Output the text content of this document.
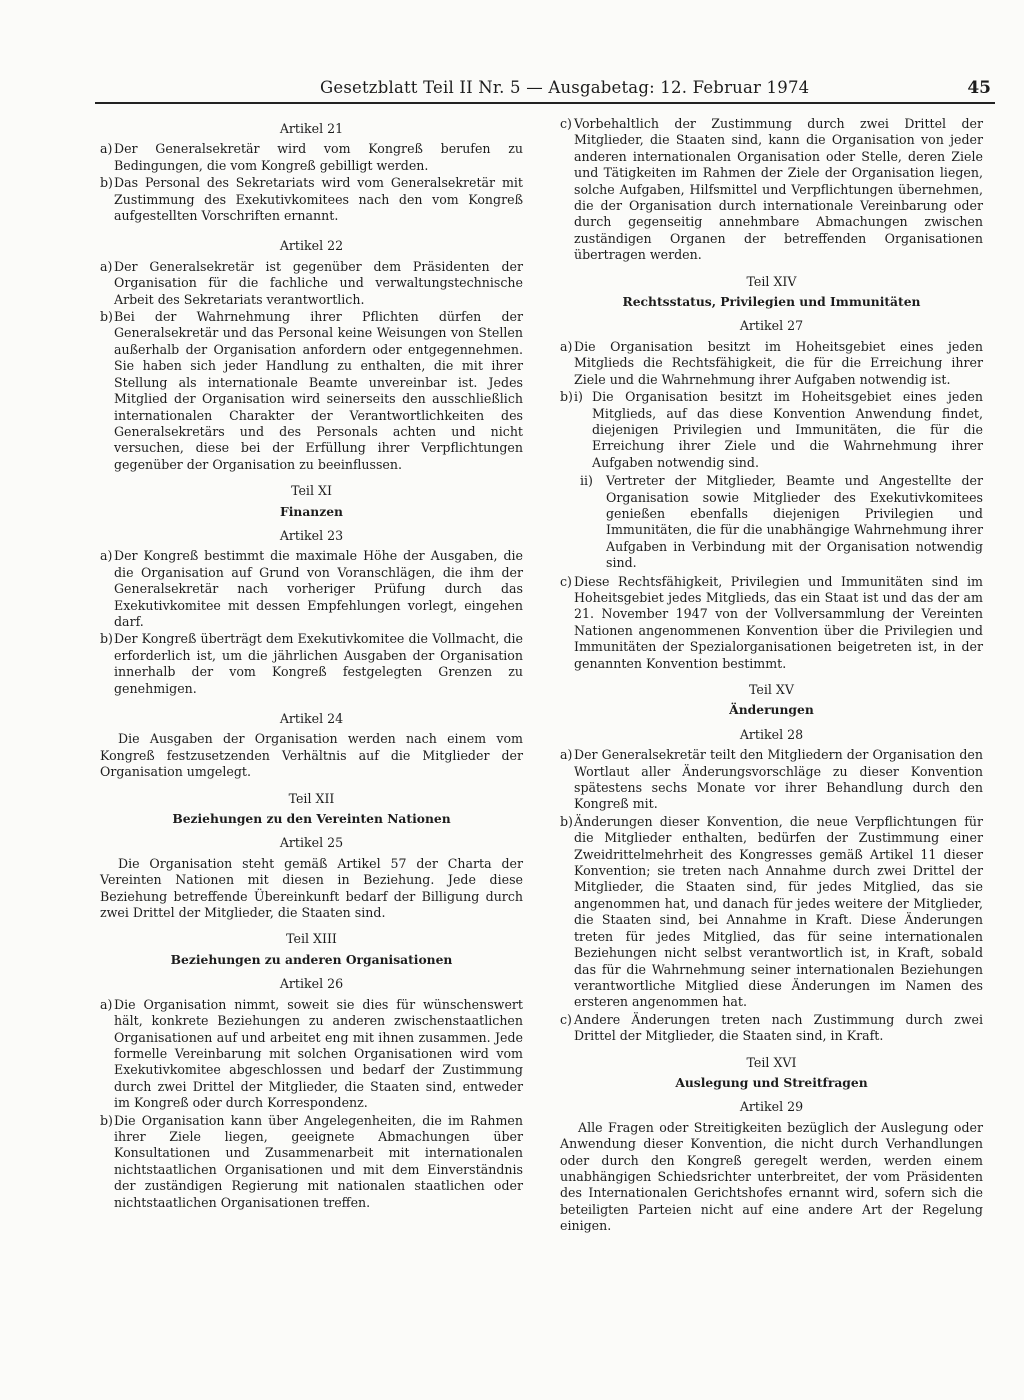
Gesetzblatt Teil II Nr. 5 — Ausgabetag: 12. Februar 1974	45
Artikel 21
a) Der Generalsekretär wird vom Kongreß berufen zu Bedingungen, die vom Kongreß gebilligt werden.
b) Das Personal des Sekretariats wird vom Generalsekretär mit Zustimmung des Exekutivkomitees nach den vom Kongreß aufgestellten Vorschriften ernannt.
Artikel 22
a) Der Generalsekretär ist gegenüber dem Präsidenten der Organisation für die fachliche und verwaltungstechnische Arbeit des Sekretariats verantwortlich.
b) Bei der Wahrnehmung ihrer Pflichten dürfen der Generalsekretär und das Personal keine Weisungen von Stellen außerhalb der Organisation anfordern oder entgegennehmen. Sie haben sich jeder Handlung zu enthalten, die mit ihrer Stellung als internationale Beamte unvereinbar ist. Jedes Mitglied der Organisation wird seinerseits den ausschließlich internationalen Charakter der Verantwortlichkeiten des Generalsekretärs und des Personals achten und nicht versuchen, diese bei der Erfüllung ihrer Verpflichtungen gegenüber der Organisation zu beeinflussen.
Teil XI
Finanzen
Artikel 23
a) Der Kongreß bestimmt die maximale Höhe der Ausgaben, die die Organisation auf Grund von Voranschlägen, die ihm der Generalsekretär nach vorheriger Prüfung durch das Exekutivkomitee mit dessen Empfehlungen vorlegt, eingehen darf.
b) Der Kongreß überträgt dem Exekutivkomitee die Vollmacht, die erforderlich ist, um die jährlichen Ausgaben der Organisation innerhalb der vom Kongreß festgelegten Grenzen zu genehmigen.
Artikel 24
Die Ausgaben der Organisation werden nach einem vom Kongreß festzusetzenden Verhältnis auf die Mitglieder der Organisation umgelegt.
Teil XII
Beziehungen zu den Vereinten Nationen
Artikel 25
Die Organisation steht gemäß Artikel 57 der Charta der Vereinten Nationen mit diesen in Beziehung. Jede diese Beziehung betreffende Übereinkunft bedarf der Billigung durch zwei Drittel der Mitglieder, die Staaten sind.
Teil XIII
Beziehungen zu anderen Organisationen
Artikel 26
a) Die Organisation nimmt, soweit sie dies für wünschenswert hält, konkrete Beziehungen zu anderen zwischenstaatlichen Organisationen auf und arbeitet eng mit ihnen zusammen. Jede formelle Vereinbarung mit solchen Organisationen wird vom Exekutivkomitee abgeschlossen und bedarf der Zustimmung durch zwei Drittel der Mitglieder, die Staaten sind, entweder im Kongreß oder durch Korrespondenz.
b) Die Organisation kann über Angelegenheiten, die im Rahmen ihrer Ziele liegen, geeignete Abmachungen über Konsultationen und Zusammenarbeit mit internationalen nichtstaatlichen Organisationen und mit dem Einverständnis der zuständigen Regierung mit nationalen staatlichen oder nichtstaatlichen Organisationen treffen.
c) Vorbehaltlich der Zustimmung durch zwei Drittel der Mitglieder, die Staaten sind, kann die Organisation von jeder anderen internationalen Organisation oder Stelle, deren Ziele und Tätigkeiten im Rahmen der Ziele der Organisation liegen, solche Aufgaben, Hilfsmittel und Verpflichtungen übernehmen, die der Organisation durch internationale Vereinbarung oder durch gegenseitig annehmbare Abmachungen zwischen zuständigen Organen der betreffenden Organisationen übertragen werden.
Teil XIV
Rechtsstatus, Privilegien und Immunitäten
Artikel 27
a) Die Organisation besitzt im Hoheitsgebiet eines jeden Mitglieds die Rechtsfähigkeit, die für die Erreichung ihrer Ziele und die Wahrnehmung ihrer Aufgaben notwendig ist.
b) i) Die Organisation besitzt im Hoheitsgebiet eines jeden Mitglieds, auf das diese Konvention Anwendung findet, diejenigen Privilegien und Immunitäten, die für die Erreichung ihrer Ziele und die Wahrnehmung ihrer Aufgaben notwendig sind.
ii) Vertreter der Mitglieder, Beamte und Angestellte der Organisation sowie Mitglieder des Exekutivkomitees genießen ebenfalls diejenigen Privilegien und Immunitäten, die für die unabhängige Wahrnehmung ihrer Aufgaben in Verbindung mit der Organisation notwendig sind.
c) Diese Rechtsfähigkeit, Privilegien und Immunitäten sind im Hoheitsgebiet jedes Mitglieds, das ein Staat ist und das der am 21. November 1947 von der Vollversammlung der Vereinten Nationen angenommenen Konvention über die Privilegien und Immunitäten der Spezialorganisationen beigetreten ist, in der genannten Konvention bestimmt.
Teil XV
Änderungen
Artikel 28
a) Der Generalsekretär teilt den Mitgliedern der Organisation den Wortlaut aller Änderungsvorschläge zu dieser Konvention spätestens sechs Monate vor ihrer Behandlung durch den Kongreß mit.
b) Änderungen dieser Konvention, die neue Verpflichtungen für die Mitglieder enthalten, bedürfen der Zustimmung einer Zweidrittelmehrheit des Kongresses gemäß Artikel 11 dieser Konvention; sie treten nach Annahme durch zwei Drittel der Mitglieder, die Staaten sind, für jedes Mitglied, das sie angenommen hat, und danach für jedes weitere der Mitglieder, die Staaten sind, bei Annahme in Kraft. Diese Änderungen treten für jedes Mitglied, das für seine internationalen Beziehungen nicht selbst verantwortlich ist, in Kraft, sobald das für die Wahrnehmung seiner internationalen Beziehungen verantwortliche Mitglied diese Änderungen im Namen des ersteren angenommen hat.
c) Andere Änderungen treten nach Zustimmung durch zwei Drittel der Mitglieder, die Staaten sind, in Kraft.
Teil XVI
Auslegung und Streitfragen
Artikel 29
Alle Fragen oder Streitigkeiten bezüglich der Auslegung oder Anwendung dieser Konvention, die nicht durch Verhandlungen oder durch den Kongreß geregelt werden, werden einem unabhängigen Schiedsrichter unterbreitet, der vom Präsidenten des Internationalen Gerichtshofes ernannt wird, sofern sich die beteiligten Parteien nicht auf eine andere Art der Regelung einigen.
